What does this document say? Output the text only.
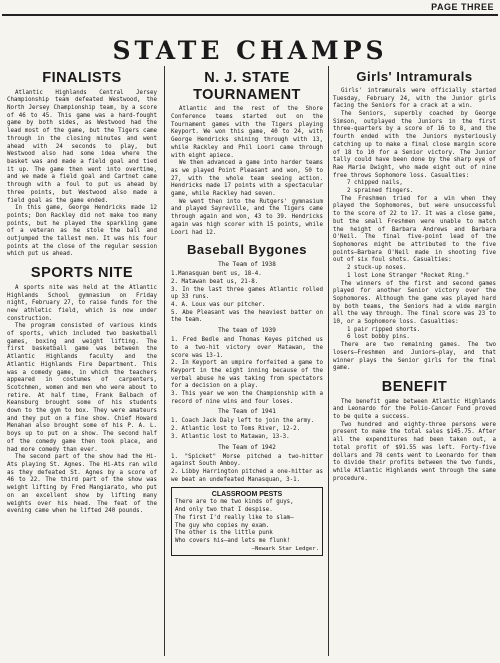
PAGE THREE
STATE CHAMPS
FINALISTS

Atlantic Highlands Central Jersey Championship team defeated Westwood, the North Jersey Championship team, by a score of 46 to 45. This game was a hard-fought game by both sides, as Westwood had the lead most of the game, but the Tigers came through in the closing minutes and went ahead with 24 seconds to play, but Westwood also had some idea where the basket was and made a field goal and tied it up. The game then went into overtime, and we made a field goal and Cartnet came through with a foul to put us ahead by three points, but Westwood also made a field goal as the game ended.

In this game, George Hendricks made 12 points; Don Rackley did not make too many points, but he played the sparkling game of a veteran as he stole the ball and outjumped the tallest men. It was his four points at the close of the regular session which put us ahead.

SPORTS NITE

A sports nite was held at the Atlantic Highlands School gymnasium on Friday night, February 27, to raise funds for the new athletic field, which is now under construction.

The program consisted of various kinds of sports, which included two basketball games, boxing and weight lifting. The first basketball game was between the Atlantic Highlands faculty and the Atlantic Highlands Fire Department. This was a comedy game, in which the teachers appeared in costumes of carpenters, Scotchmen, women and men who were about to retire. At half time, Frank Balbach of Keansburg brought some of his students down to the gym to box. They were amateurs and they put on a fine show. Chief Howard Menahan also brought some of his P. A. L. boys up to put on a show. The second half of the comedy game then took place, and had more comedy than ever.

The second part of the show had the Hi-Ats playing St. Agnes. The Hi-Ats ran wild as they defeated St. Agnes by a score of 46 to 22. The third part of the show was weight lifting by Fred Mangiarato, who put on an excellent show by lifting many weights over his head. The feat of the evening came when he lifted 240 pounds.

N. J. STATE
TOURNAMENT

Atlantic and the rest of the Shore Conference teams started out on the Tournament games with the Tigers playing Keyport. We won this game, 40 to 24, with George Hendricks shining through with 13, while Rackley and Phil Loori came through with eight apiece.

We then advanced a game into harder teams as we played Point Pleasant and won, 50 to 27, with the whole team seeing action. Hendricks made 17 points with a spectacular game, while Rackley had seven.

We went then into the Rutgers' gymnasium and played Sayreville, and the Tigers came through again and won, 43 to 39. Hendricks again was high scorer with 15 points, while Loori had 12.

Baseball Bygones
The Team of 1938

1.Manasquan bent us, 18-4.

2. Matawan beat us, 21-8.

3. In the last three games Atlantic rolled up 33 runs.

4. A. Loux was our pitcher.

5. Abe Pleasant was the heaviest batter on the team.

The team of 1939

1. Fred Bedle and Thomas Keyes pitched us to a two-hit victory over Matawan, the score was 13-1.

2. In Keyport an umpire forfeited a game to Keyport in the eight inning because of the verbal abuse he was taking from spectators for a decision on a play.

3. This year we won the Championship with a record of nine wins and four loses.

The Team of 1941

1. Coach Jack Daly left to join the army.

2. Atlantic lost to Toms River, 12-2.

3. Atlantic lost to Matawan, 13-3.

The Team of 1942

1. "Spicket" Morse pitched a two-hitter against South Amboy.

2. Libby Harrington pitched a one-hitter as we beat an undefeated Manasquan, 3-1.

CLASSROOM PESTS

There are to me two kinds of guys,

And only two that I despise.

The first I'd really like to slam—

The guy who copies my exam.

The other is the little punk

Who covers his—and lets me flunk!

—Newark Star Ledger.
Girls' Intramurals

Girls' intramurals were officially started Tuesday, February 24, with the Junior girls facing the Seniors for a crack at a win.

The Seniors, superbly coached by George Simson, outplayed the Juniors in the first three-quarters by a score of 16 to 8, and the fourth ended with the Juniors mysteriously catching up to make a final close margin score of 18 to 10 for a Senior victory. The Junior tally could have been done by the sharp eye of Rae Marie Dwight, who made eight out of nine free throws Sophomore loss. Casualties:

7 chipped nails,

2 sprained fingers.

The Freshmen tried for a win when they played the Sophomores, but were unsuccessful to the score of 22 to 17. It was a close game, but the small Freshmen were unable to match the height of Barbara Andrews and Barbara O'Neil. The final five-point lead of the Sophomores might be attributed to the five points—Barbara O'Neil made in shooting five out of six foul shots. Casualties:

2 stuck-up noses.

1 lost Lone Stranger "Rocket Ring."

The winners of the first and second games played for another Senior victory over the Sophomores. Although the game was played hard by both teams, the Seniors had a wide margin all the way through. The final score was 23 to 10, or a Sophomore loss. Casualties:

1 pair ripped shorts.

6 lost bobby pins.

There are two remaining games. The two losers—Freshmen and Juniors—play, and that winner plays the Senior girls for the final game.

BENEFIT

The benefit game between Atlantic Highlands and Leonardo for the Polio-Cancer Fund proved to be quite a success.

Two hundred and eighty-three persons were present to make the total sales $145.75. After all the expenditures had been taken out, a total profit of $91.55 was left. Forty-five dollars and 78 cents went to Leonardo for them to divide their profits between the two funds, while Atlantic Highlands went through the same procedure.
